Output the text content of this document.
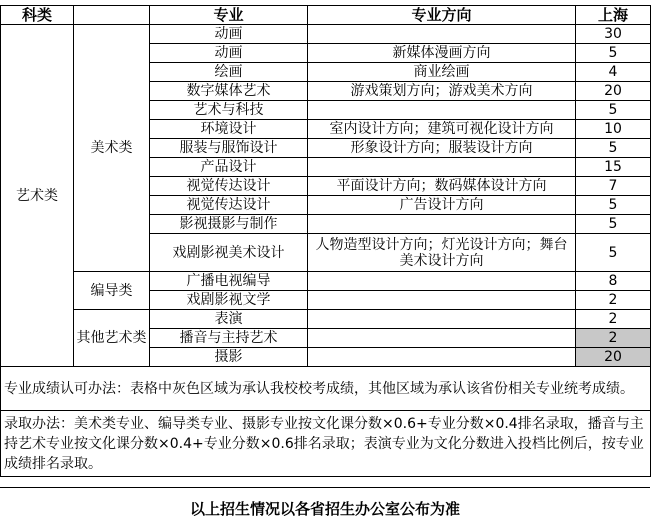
科类		专业	专业方向	上海
艺术类	美术类	动画		30
		动画	新媒体漫画方向	5
		绘画	商业绘画	4
		数字媒体艺术	游戏策划方向；游戏美术方向	20
		艺术与科技		5
		环境设计	室内设计方向；建筑可视化设计方向	10
		服装与服饰设计	形象设计方向；服装设计方向	5
		产品设计		15
		视觉传达设计	平面设计方向；数码媒体设计方向	7
		视觉传达设计	广告设计方向	5
		影视摄影与制作		5
		戏剧影视美术设计	人物造型设计方向；灯光设计方向；舞台美术设计方向	5
	编导类	广播电视编导		8
		戏剧影视文学		2
	其他艺术类	表演		2
		播音与主持艺术		2
		摄影		20
专业成绩认可办法：表格中灰色区域为承认我校校考成绩，其他区域为承认该省份相关专业统考成绩。				
录取办法：美术类专业、编导类专业、摄影专业按文化课分数×0.6+专业分数×0.4排名录取，播音与主持艺术专业按文化课分数×0.4+专业分数×0.6排名录取；表演专业为文化分数进入投档比例后，按专业成绩排名录取。				
以上招生情况以各省招生办公室公布为准
